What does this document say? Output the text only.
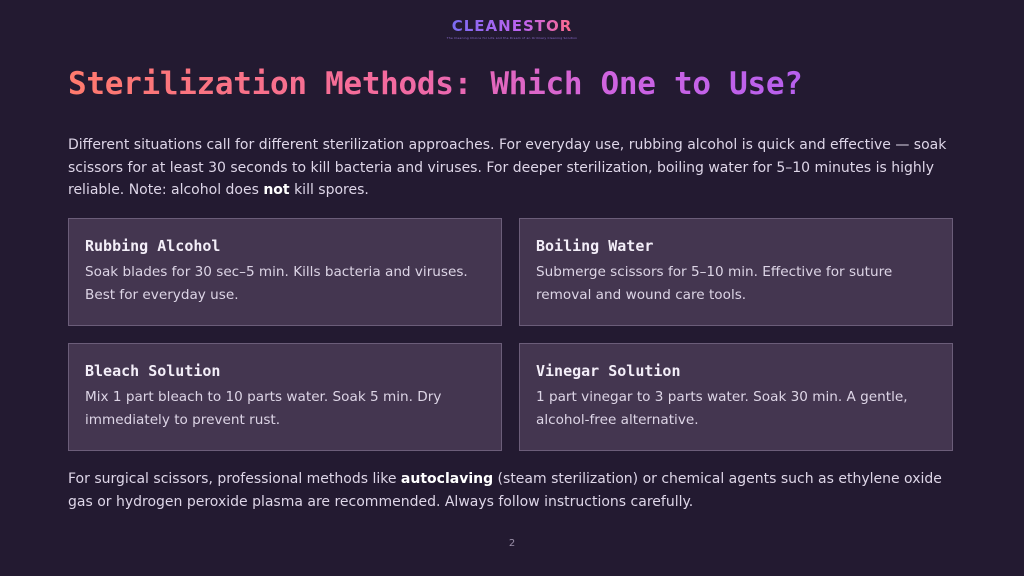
CLEANESTOR
The Cleaning Choice for Life and the Dream of an Ordinary Cleaning Solution
Sterilization Methods: Which One to Use?

Different situations call for different sterilization approaches. For everyday use, rubbing alcohol is quick and effective — soak scissors for at least 30 seconds to kill bacteria and viruses. For deeper sterilization, boiling water for 5–10 minutes is highly reliable. Note: alcohol does not kill spores.

Rubbing Alcohol
Soak blades for 30 sec–5 min. Kills bacteria and viruses. Best for everyday use.
Boiling Water
Submerge scissors for 5–10 min. Effective for suture removal and wound care tools.
Bleach Solution
Mix 1 part bleach to 10 parts water. Soak 5 min. Dry immediately to prevent rust.
Vinegar Solution
1 part vinegar to 3 parts water. Soak 30 min. A gentle, alcohol-free alternative.

For surgical scissors, professional methods like autoclaving (steam sterilization) or chemical agents such as ethylene oxide gas or hydrogen peroxide plasma are recommended. Always follow instructions carefully.

2
